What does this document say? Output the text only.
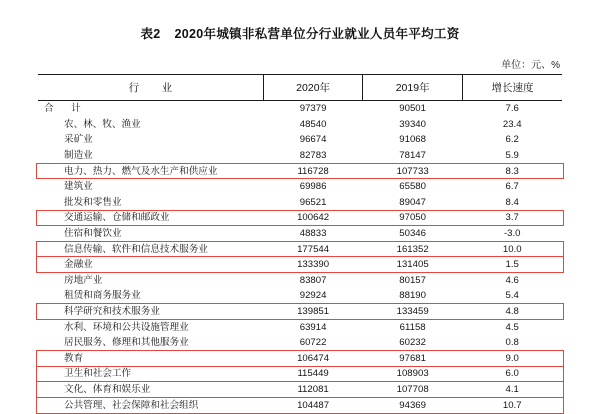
表2 2020年城镇非私营单位分行业就业人员年平均工资
单位：元、%
行　业	2020年	2019年	增长速度
合　计	97379	90501	7.6
农、林、牧、渔业	48540	39340	23.4
采矿业	96674	91068	6.2
制造业	82783	78147	5.9
电力、热力、燃气及水生产和供应业	116728	107733	8.3
建筑业	69986	65580	6.7
批发和零售业	96521	89047	8.4
交通运输、仓储和邮政业	100642	97050	3.7
住宿和餐饮业	48833	50346	-3.0
信息传输、软件和信息技术服务业	177544	161352	10.0
金融业	133390	131405	1.5
房地产业	83807	80157	4.6
租赁和商务服务业	92924	88190	5.4
科学研究和技术服务业	139851	133459	4.8
水利、环境和公共设施管理业	63914	61158	4.5
居民服务、修理和其他服务业	60722	60232	0.8
教育	106474	97681	9.0
卫生和社会工作	115449	108903	6.0
文化、体育和娱乐业	112081	107708	4.1
公共管理、社会保障和社会组织	104487	94369	10.7
